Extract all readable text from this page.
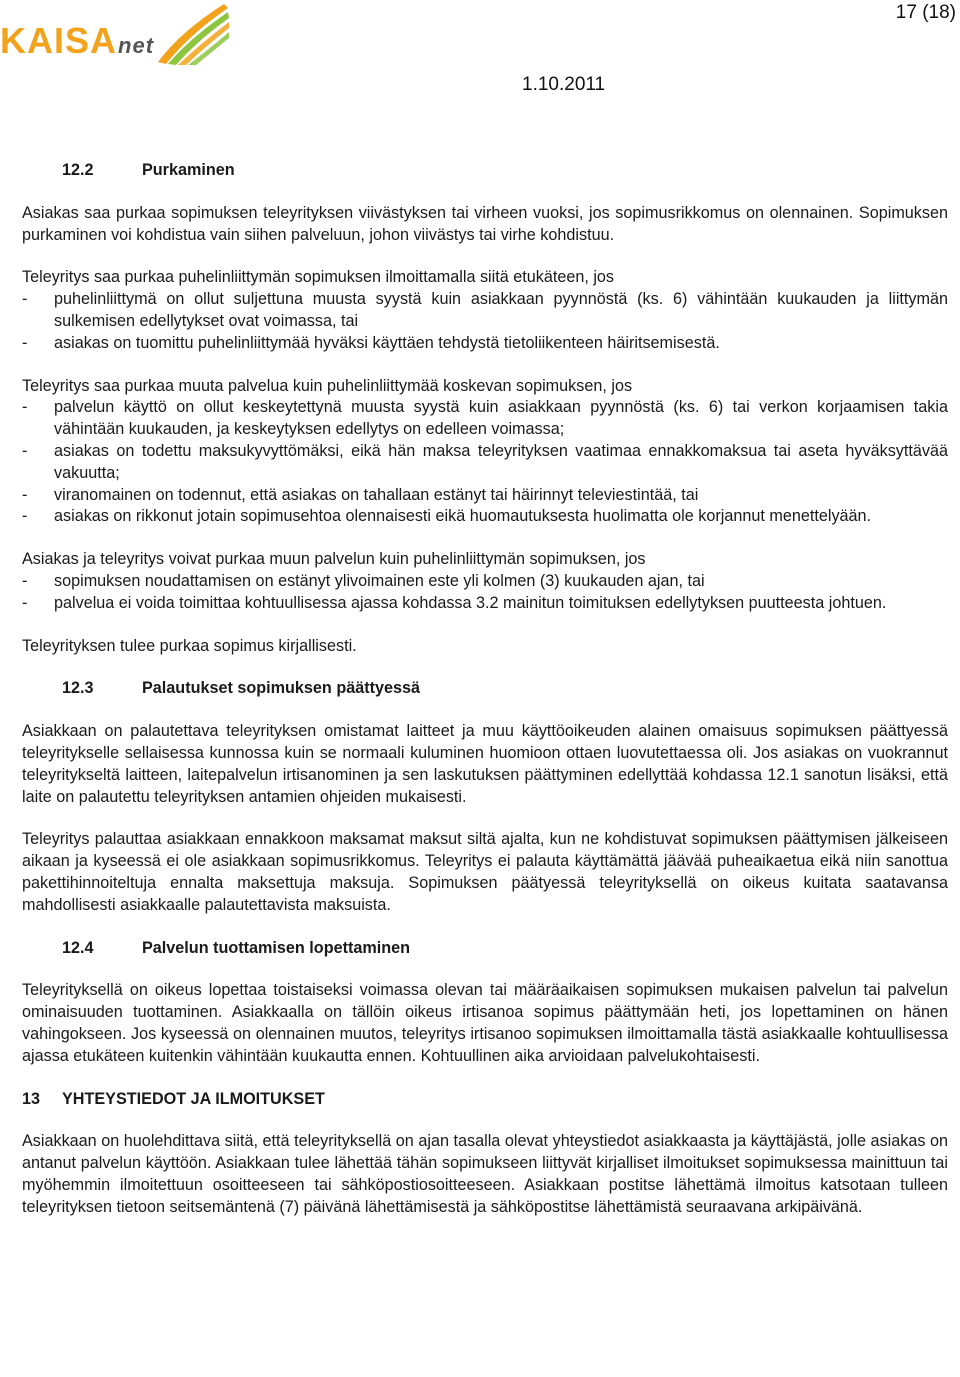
KAISAnet
17 (18)
1.10.2011
12.2	Purkaminen

Asiakas saa purkaa sopimuksen teleyrityksen viivästyksen tai virheen vuoksi, jos sopimusrikkomus on olennainen. Sopimuksen purkaminen voi kohdistua vain siihen palveluun, johon viivästys tai virhe kohdistuu.

Teleyritys saa purkaa puhelinliittymän sopimuksen ilmoittamalla siitä etukäteen, jos

-	puhelinliittymä on ollut suljettuna muusta syystä kuin asiakkaan pyynnöstä (ks. 6) vähintään kuukauden ja liittymän sulkemisen edellytykset ovat voimassa, tai
-	asiakas on tuomittu puhelinliittymää hyväksi käyttäen tehdystä tietoliikenteen häiritsemisestä.

Teleyritys saa purkaa muuta palvelua kuin puhelinliittymää koskevan sopimuksen, jos

-	palvelun käyttö on ollut keskeytettynä muusta syystä kuin asiakkaan pyynnöstä (ks. 6) tai verkon korjaamisen takia vähintään kuukauden, ja keskeytyksen edellytys on edelleen voimassa;
-	asiakas on todettu maksukyvyttömäksi, eikä hän maksa teleyrityksen vaatimaa ennakkomaksua tai aseta hyväksyttävää vakuutta;
-	viranomainen on todennut, että asiakas on tahallaan estänyt tai häirinnyt televiestintää, tai
-	asiakas on rikkonut jotain sopimusehtoa olennaisesti eikä huomautuksesta huolimatta ole korjannut menettelyään.

Asiakas ja teleyritys voivat purkaa muun palvelun kuin puhelinliittymän sopimuksen, jos

-	sopimuksen noudattamisen on estänyt ylivoimainen este yli kolmen (3) kuukauden ajan, tai
-	palvelua ei voida toimittaa kohtuullisessa ajassa kohdassa 3.2 mainitun toimituksen edellytyksen puutteesta johtuen.

Teleyrityksen tulee purkaa sopimus kirjallisesti.

12.3	Palautukset sopimuksen päättyessä

Asiakkaan on palautettava teleyrityksen omistamat laitteet ja muu käyttöoikeuden alainen omaisuus sopimuksen päättyessä teleyritykselle sellaisessa kunnossa kuin se normaali kuluminen huomioon ottaen luovutettaessa oli. Jos asiakas on vuokrannut teleyritykseltä laitteen, laitepalvelun irtisanominen ja sen laskutuksen päättyminen edellyttää kohdassa 12.1 sanotun lisäksi, että laite on palautettu teleyrityksen antamien ohjeiden mukaisesti.

Teleyritys palauttaa asiakkaan ennakkoon maksamat maksut siltä ajalta, kun ne kohdistuvat sopimuksen päättymisen jälkeiseen aikaan ja kyseessä ei ole asiakkaan sopimusrikkomus. Teleyritys ei palauta käyttämättä jäävää puheaikaetua eikä niin sanottua pakettihinnoiteltuja ennalta maksettuja maksuja. Sopimuksen päätyessä teleyrityksellä on oikeus kuitata saatavansa mahdollisesti asiakkaalle palautettavista maksuista.

12.4	Palvelun tuottamisen lopettaminen

Teleyrityksellä on oikeus lopettaa toistaiseksi voimassa olevan tai määräaikaisen sopimuksen mukaisen palvelun tai palvelun ominaisuuden tuottaminen. Asiakkaalla on tällöin oikeus irtisanoa sopimus päättymään heti, jos lopettaminen on hänen vahingokseen. Jos kyseessä on olennainen muutos, teleyritys irtisanoo sopimuksen ilmoittamalla tästä asiakkaalle kohtuullisessa ajassa etukäteen kuitenkin vähintään kuukautta ennen. Kohtuullinen aika arvioidaan palvelukohtaisesti.

13	YHTEYSTIEDOT JA ILMOITUKSET

Asiakkaan on huolehdittava siitä, että teleyrityksellä on ajan tasalla olevat yhteystiedot asiakkaasta ja käyttäjästä, jolle asiakas on antanut palvelun käyttöön. Asiakkaan tulee lähettää tähän sopimukseen liittyvät kirjalliset ilmoitukset sopimuksessa mainittuun tai myöhemmin ilmoitettuun osoitteeseen tai sähköpostiosoitteeseen. Asiakkaan postitse lähettämä ilmoitus katsotaan tulleen teleyrityksen tietoon seitsemäntenä (7) päivänä lähettämisestä ja sähköpostitse lähettämistä seuraavana arkipäivänä.
